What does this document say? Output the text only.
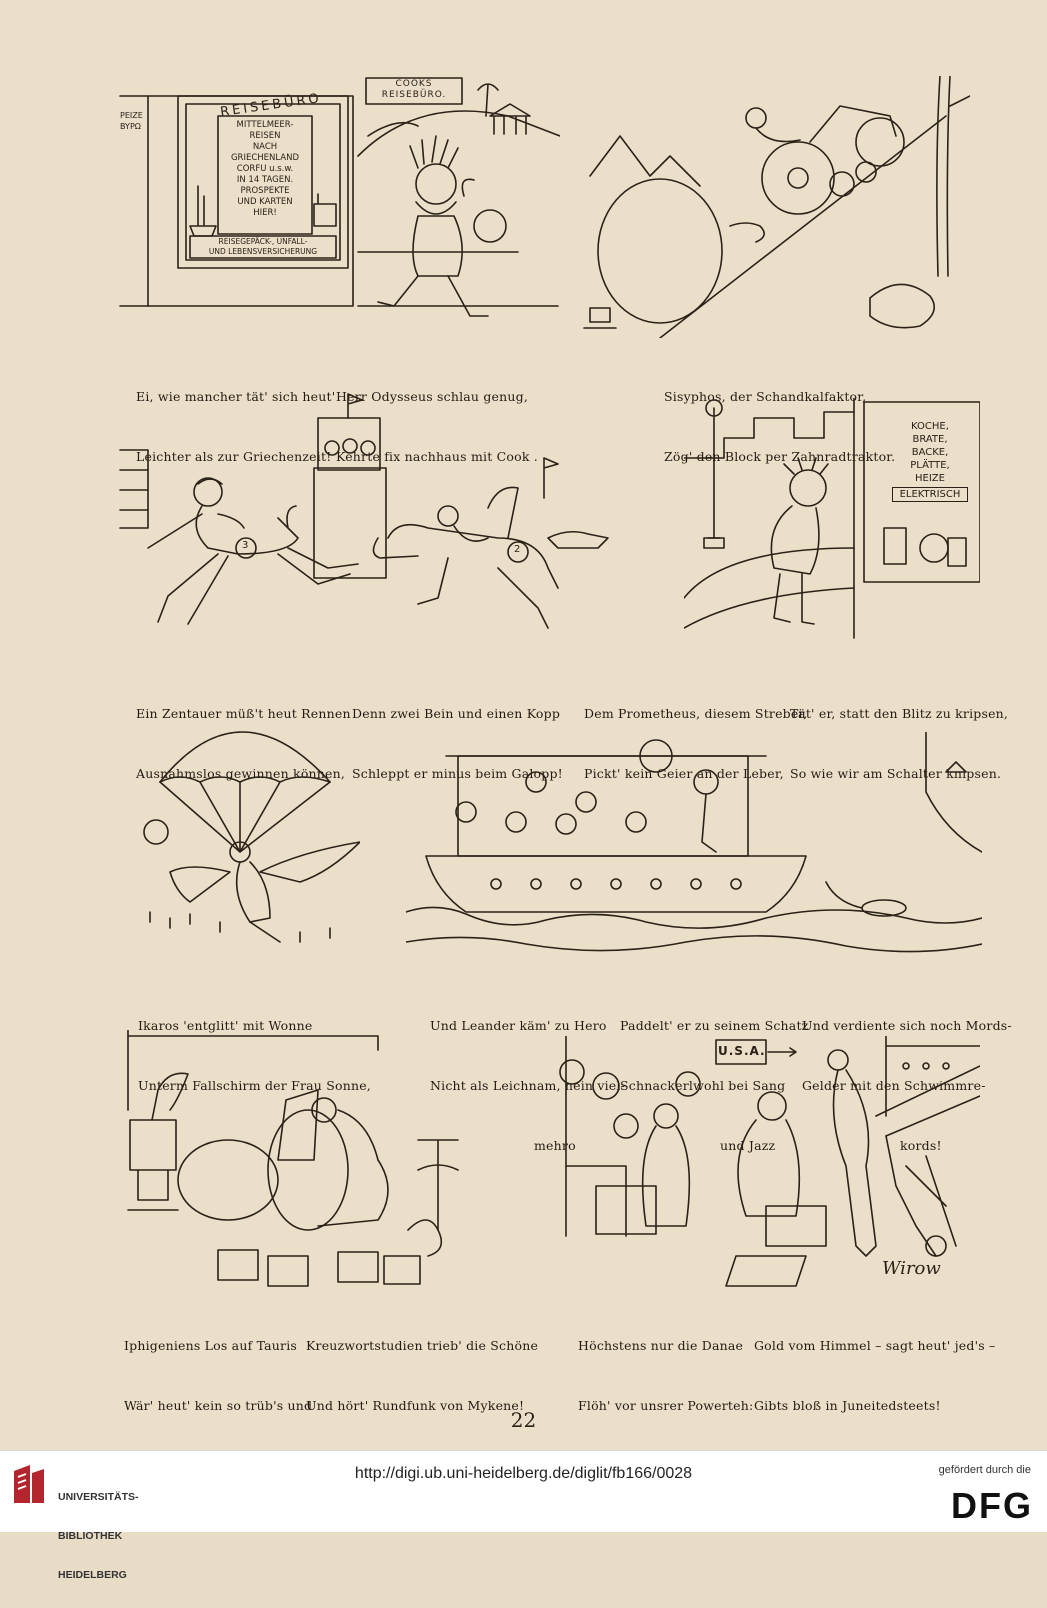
REISEBÜRO
PEIZE
BYPΩ	MITTELMEER-
REISEN
NACH
GRIECHENLAND
CORFU u.s.w.
IN 14 TAGEN.
PROSPEKTE
UND KARTEN
HIER!
REISEGEPÄCK-, UNFALL-
UND LEBENSVERSICHERUNG
COOKS
REISEBÜRO.

Ei, wie mancher tät' sich heut'

Leichter als zur Griechenzeit!

Herr Odysseus schlau genug,

Kehrte fix nachhaus mit Cook .

Sisyphos, der Schandkalfaktor,

Zög' den Block per Zahnradtraktor.

3	2
KOCHE,
BRATE,
BACKE,
PLÄTTE,
HEIZE
ELEKTRISCH

Ein Zentauer müß't heut Rennen

Ausnahmslos gewinnen können,

Denn zwei Bein und einen Kopp

Schleppt er minus beim Galopp!

Dem Prometheus, diesem Streber,

Pickt' kein Geier an der Leber,

Tät' er, statt den Blitz zu kripsen,

So wie wir am Schalter knipsen.

Ikaros 'entglitt' mit Wonne

Unterm Fallschirm der Frau Sonne,

Und Leander käm' zu Hero

Nicht als Leichnam, nein viel-

mehro

Paddelt' er zu seinem Schatz

Schnackerlwohl bei Sang

und Jazz

Und verdiente sich noch Mords-

Gelder mit den Schwimmre-

kords!

U.S.A.
Wirow

Iphigeniens Los auf Tauris

Wär' heut' kein so trüb's und

Kreuzwortstudien trieb' die Schöne

Und hört' Rundfunk von Mykene!

Höchstens nur die Danae

Flöh' vor unsrer Powerteh:

Gold vom Himmel – sagt heut' jed's –

Gibts bloß in Juneitedsteets!

22

UNIVERSITÄTS-

BIBLIOTHEK

HEIDELBERG

http://digi.ub.uni-heidelberg.de/diglit/fb166/0028	gefördert durch die
DFG
